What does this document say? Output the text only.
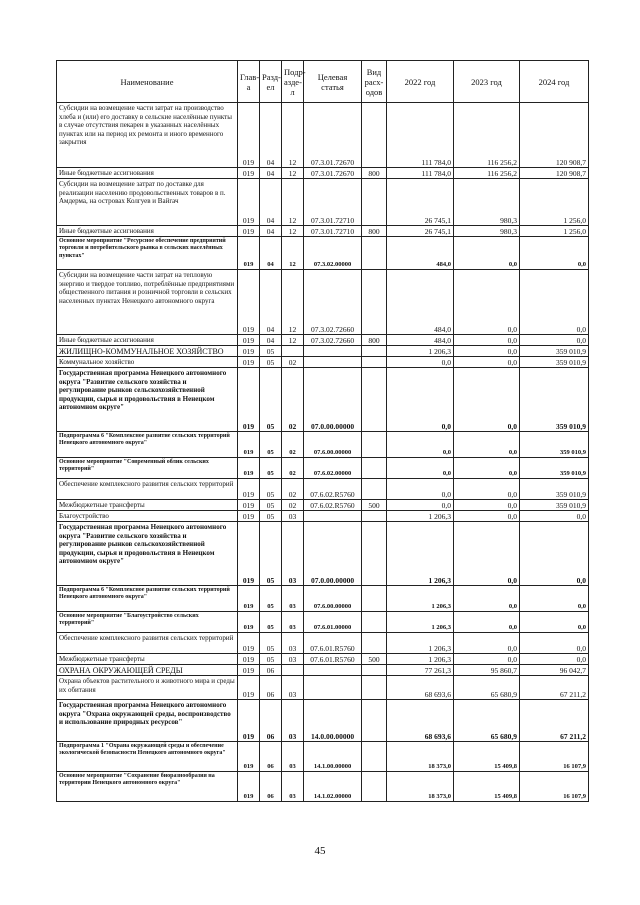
Наименование	Главa	Раздел	Подраздел	Целевая статья	Вид расходов	2022 год	2023 год	2024 год
Субсидии на возмещение части затрат на производство хлеба и (или) его доставку в сельские населённые пункты в случае отсутствия пекарен в указанных населённых пунктах или на период их ремонта и иного временного закрытия	019	04	12	07.3.01.72670		111 784,0	116 256,2	120 908,7
Иные бюджетные ассигнования	019	04	12	07.3.01.72670	800	111 784,0	116 256,2	120 908,7
Субсидии на возмещение затрат по доставке для реализации населению продовольственных товаров в п. Амдерма, на островах Колгуев и Вайгач	019	04	12	07.3.01.72710		26 745,1	980,3	1 256,0
Иные бюджетные ассигнования	019	04	12	07.3.01.72710	800	26 745,1	980,3	1 256,0
Основное мероприятие "Ресурсное обеспечение предприятий торговли и потребительского рынка в сельских населённых пунктах"	019	04	12	07.3.02.00000		484,0	0,0	0,0
Субсидии на возмещение части затрат на тепловую энергию и твердое топливо, потреблённые предприятиями общественного питания и розничной торговли в сельских населенных пунктах Ненецкого автономного округа	019	04	12	07.3.02.72660		484,0	0,0	0,0
Иные бюджетные ассигнования	019	04	12	07.3.02.72660	800	484,0	0,0	0,0
ЖИЛИЩНО-КОММУНАЛЬНОЕ ХОЗЯЙСТВО	019	05				1 206,3	0,0	359 010,9
Коммунальное хозяйство	019	05	02			0,0	0,0	359 010,9
Государственная программа Ненецкого автономного округа "Развитие сельского хозяйства и регулирование рынков сельскохозяйственной продукции, сырья и продовольствия в Ненецком автономном округе"	019	05	02	07.0.00.00000		0,0	0,0	359 010,9
Подпрограмма 6 "Комплексное развитие сельских территорий Ненецкого автономного округа"	019	05	02	07.6.00.00000		0,0	0,0	359 010,9
Основное мероприятие "Современный облик сельских территорий"	019	05	02	07.6.02.00000		0,0	0,0	359 010,9
Обеспечение комплексного развития сельских территорий	019	05	02	07.6.02.R5760		0,0	0,0	359 010,9
Межбюджетные трансферты	019	05	02	07.6.02.R5760	500	0,0	0,0	359 010,9
Благоустройство	019	05	03			1 206,3	0,0	0,0
Государственная программа Ненецкого автономного округа "Развитие сельского хозяйства и регулирование рынков сельскохозяйственной продукции, сырья и продовольствия в Ненецком автономном округе"	019	05	03	07.0.00.00000		1 206,3	0,0	0,0
Подпрограмма 6 "Комплексное развитие сельских территорий Ненецкого автономного округа"	019	05	03	07.6.00.00000		1 206,3	0,0	0,0
Основное мероприятие "Благоустройство сельских территорий"	019	05	03	07.6.01.00000		1 206,3	0,0	0,0
Обеспечение комплексного развития сельских территорий	019	05	03	07.6.01.R5760		1 206,3	0,0	0,0
Межбюджетные трансферты	019	05	03	07.6.01.R5760	500	1 206,3	0,0	0,0
ОХРАНА ОКРУЖАЮЩЕЙ СРЕДЫ	019	06				77 261,3	95 860,7	96 042,7
Охрана объектов растительного и животного мира и среды их обитания	019	06	03			68 693,6	65 680,9	67 211,2
Государственная программа Ненецкого автономного округа "Охрана окружающей среды, воспроизводство и использование природных ресурсов"	019	06	03	14.0.00.00000		68 693,6	65 680,9	67 211,2
Подпрограмма 1 "Охрана окружающей среды и обеспечение экологической безопасности Ненецкого автономного округа"	019	06	03	14.1.00.00000		18 373,0	15 409,8	16 107,9
Основное мероприятие "Сохранение биоразнообразия на территории Ненецкого автономного округа"	019	06	03	14.1.02.00000		18 373,0	15 409,8	16 107,9
45
